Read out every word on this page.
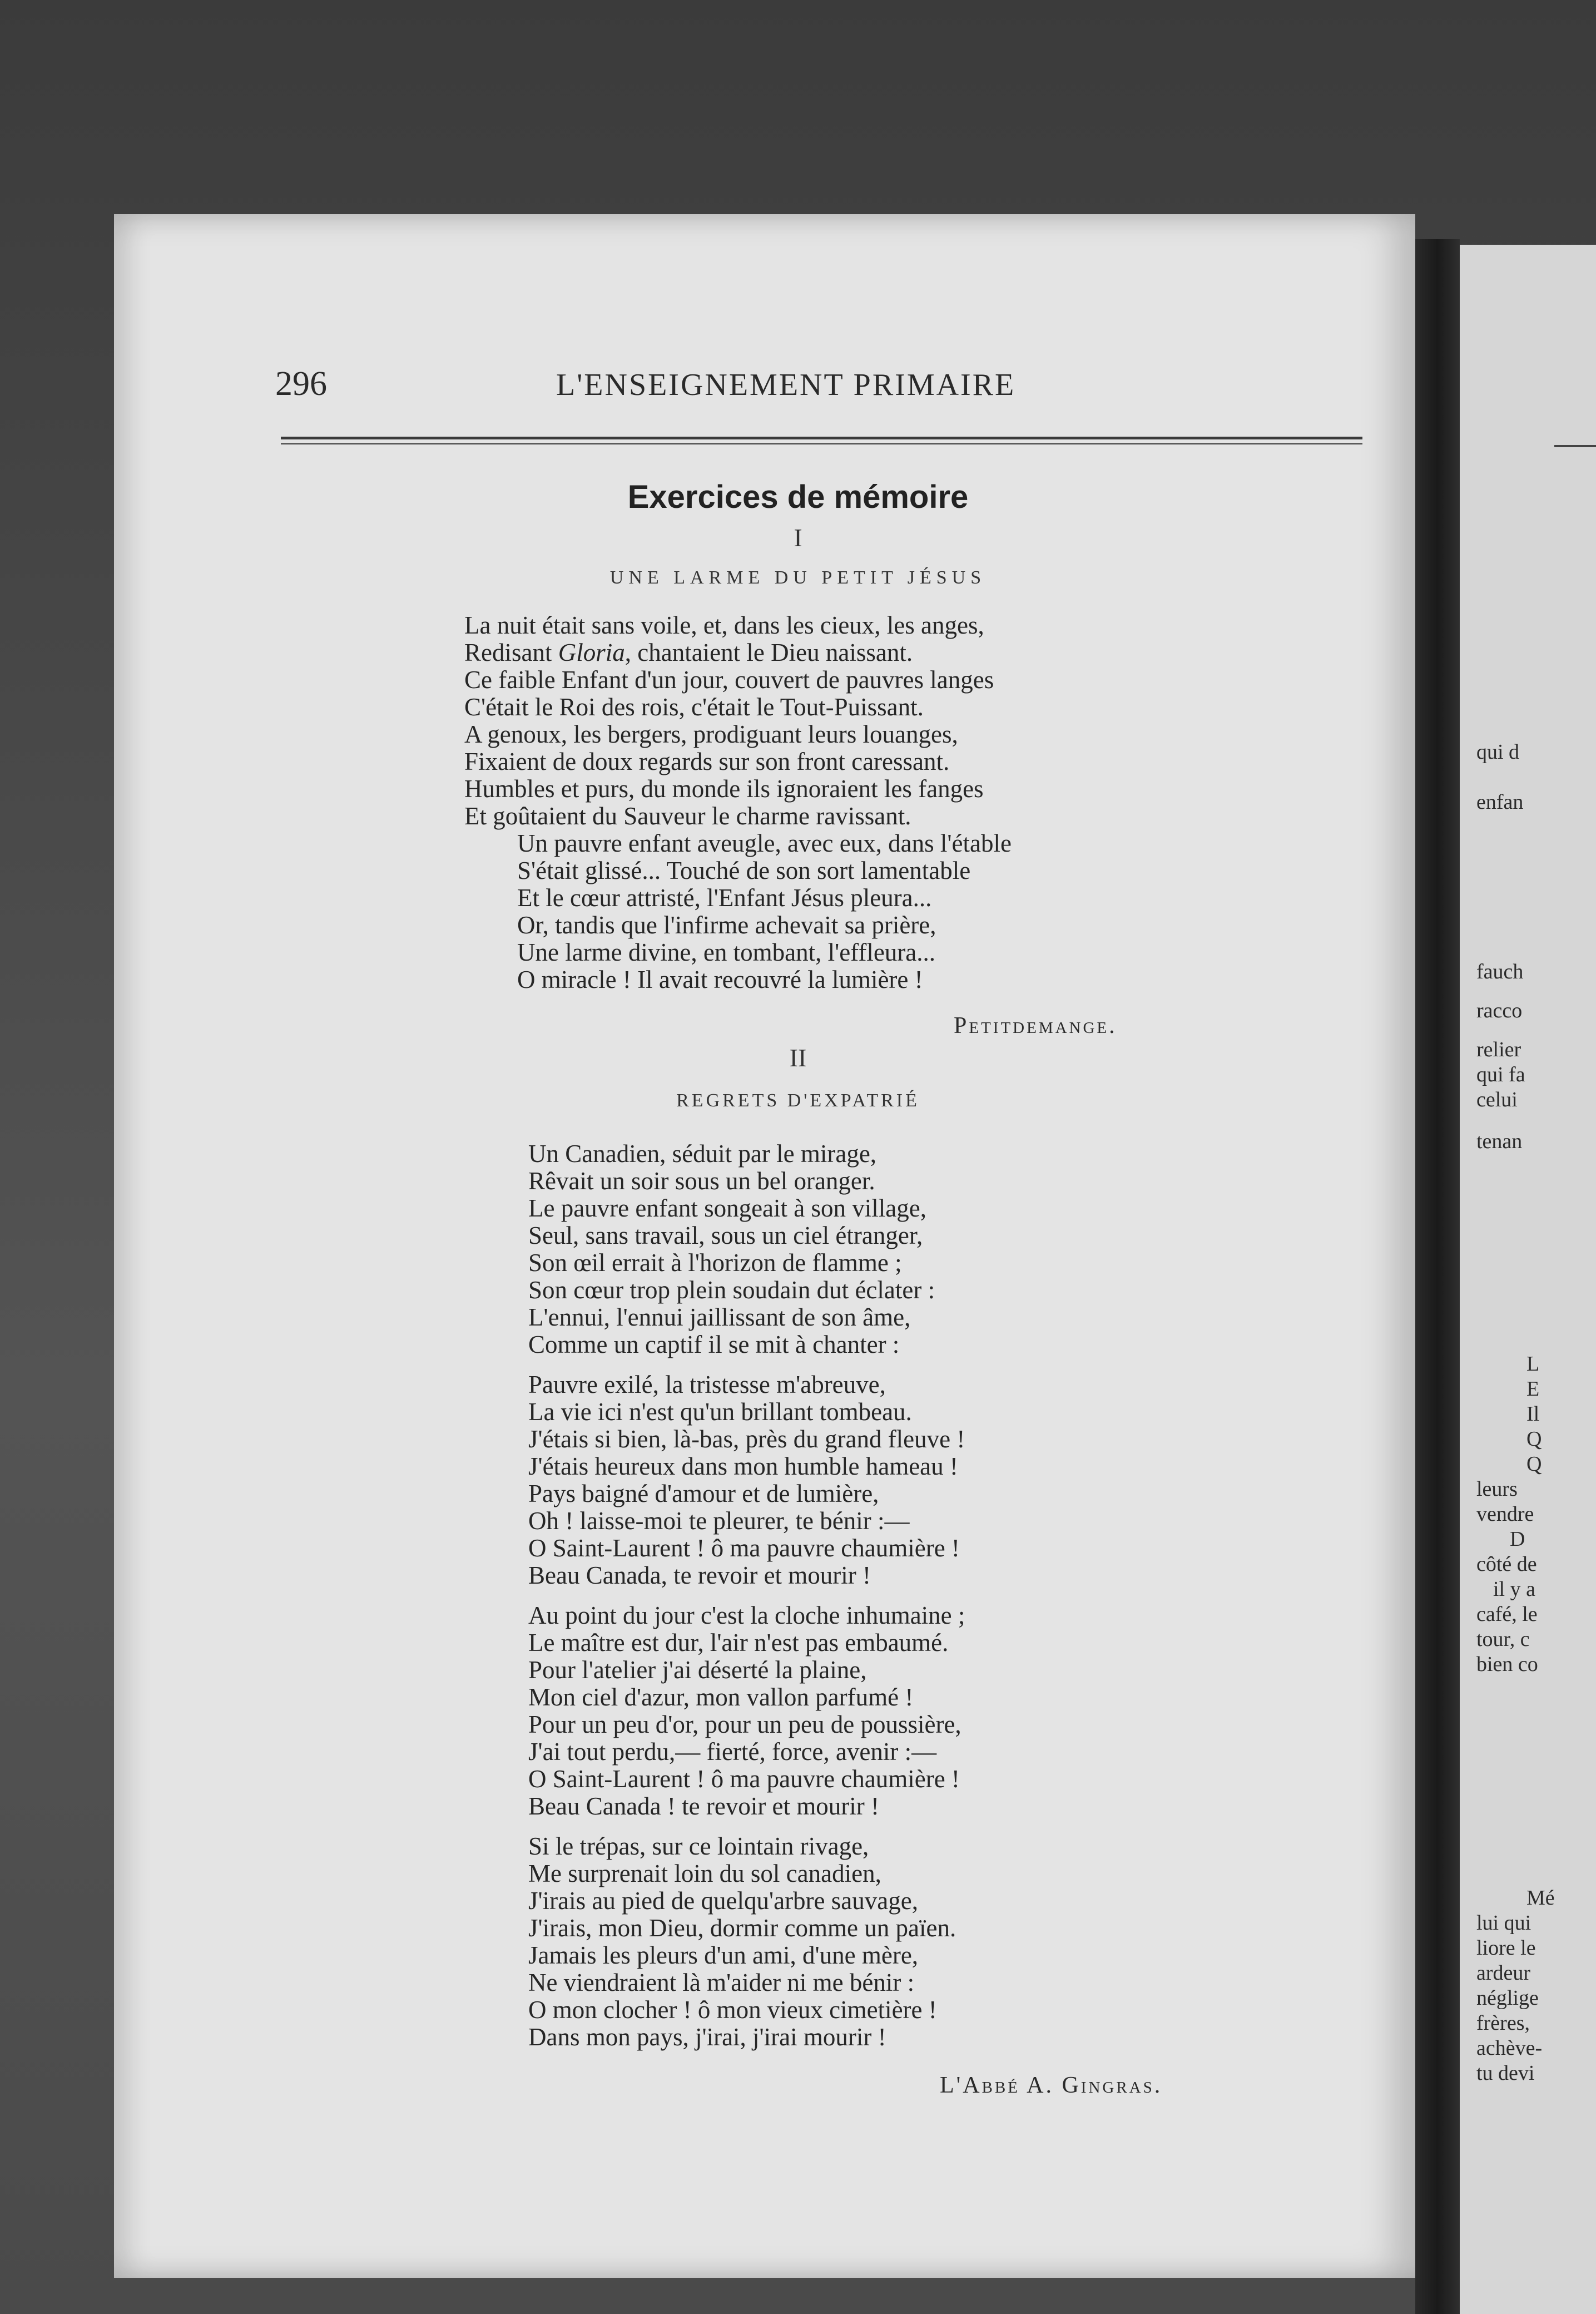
qui d
enfan
fauch
racco
relier
qui fa
celui
tenan
L
E
Il
Q
Q
leurs
vendre
D
côté de
il y a
café, le
tour, c
bien co
Mé
lui qui
liore le
ardeur
néglige
frères,
achève-
tu devi
296	L'ENSEIGNEMENT PRIMAIRE
Exercices de mémoire
I
UNE LARME DU PETIT JÉSUS
La nuit était sans voile, et, dans les cieux, les anges,
Redisant Gloria, chantaient le Dieu naissant.
Ce faible Enfant d'un jour, couvert de pauvres langes
C'était le Roi des rois, c'était le Tout-Puissant.
A genoux, les bergers, prodiguant leurs louanges,
Fixaient de doux regards sur son front caressant.
Humbles et purs, du monde ils ignoraient les fanges
Et goûtaient du Sauveur le charme ravissant.
Un pauvre enfant aveugle, avec eux, dans l'étable
S'était glissé... Touché de son sort lamentable
Et le cœur attristé, l'Enfant Jésus pleura...
Or, tandis que l'infirme achevait sa prière,
Une larme divine, en tombant, l'effleura...
O miracle ! Il avait recouvré la lumière !
Petitdemange.
II
REGRETS D'EXPATRIÉ
Un Canadien, séduit par le mirage,
Rêvait un soir sous un bel oranger.
Le pauvre enfant songeait à son village,
Seul, sans travail, sous un ciel étranger,
Son œil errait à l'horizon de flamme ;
Son cœur trop plein soudain dut éclater :
L'ennui, l'ennui jaillissant de son âme,
Comme un captif il se mit à chanter :
Pauvre exilé, la tristesse m'abreuve,
La vie ici n'est qu'un brillant tombeau.
J'étais si bien, là-bas, près du grand fleuve !
J'étais heureux dans mon humble hameau !
Pays baigné d'amour et de lumière,
Oh ! laisse-moi te pleurer, te bénir :—
O Saint-Laurent ! ô ma pauvre chaumière !
Beau Canada, te revoir et mourir !
Au point du jour c'est la cloche inhumaine ;
Le maître est dur, l'air n'est pas embaumé.
Pour l'atelier j'ai déserté la plaine,
Mon ciel d'azur, mon vallon parfumé !
Pour un peu d'or, pour un peu de poussière,
J'ai tout perdu,— fierté, force, avenir :—
O Saint-Laurent ! ô ma pauvre chaumière !
Beau Canada ! te revoir et mourir !
Si le trépas, sur ce lointain rivage,
Me surprenait loin du sol canadien,
J'irais au pied de quelqu'arbre sauvage,
J'irais, mon Dieu, dormir comme un païen.
Jamais les pleurs d'un ami, d'une mère,
Ne viendraient là m'aider ni me bénir :
O mon clocher ! ô mon vieux cimetière !
Dans mon pays, j'irai, j'irai mourir !
L'Abbé A. Gingras.
